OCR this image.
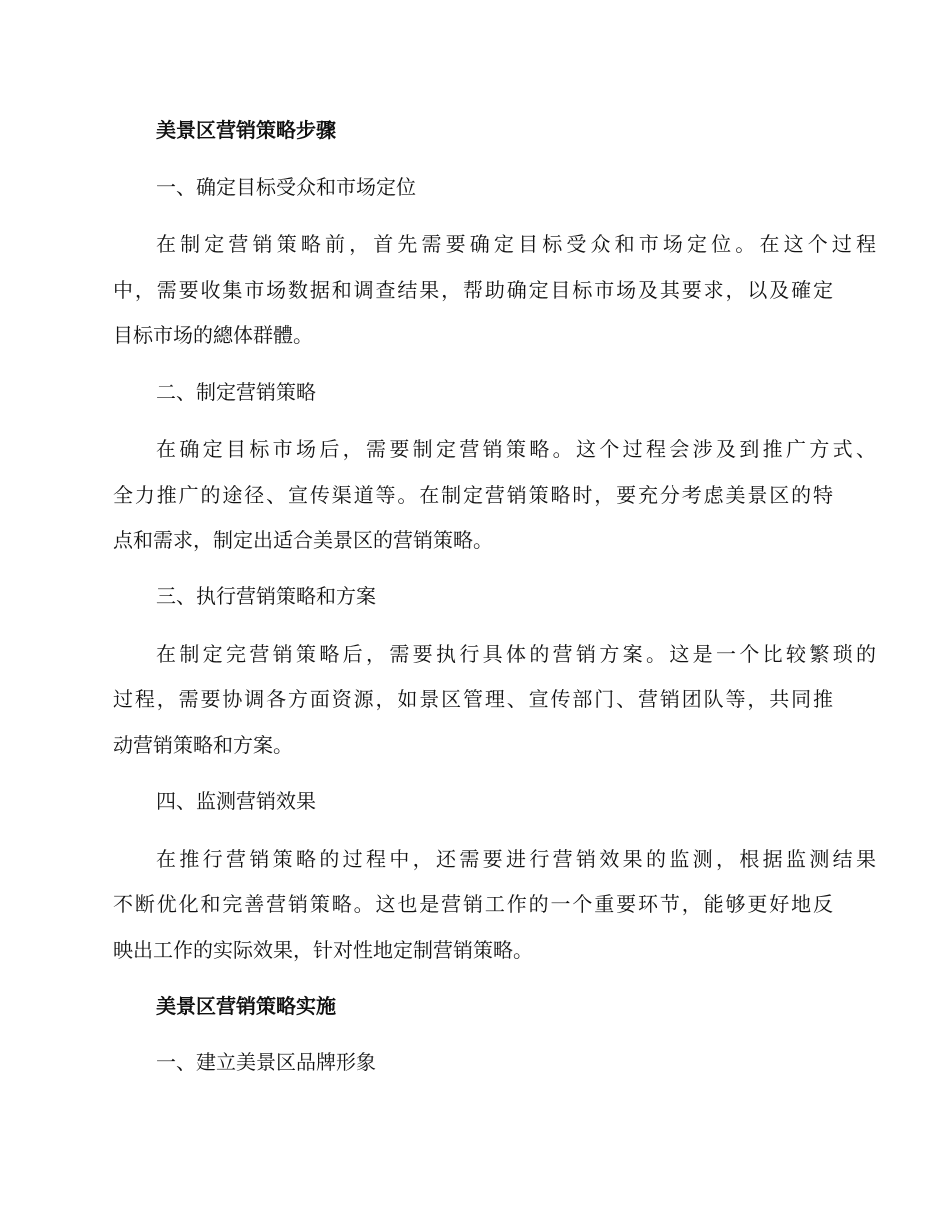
美景区营销策略步骤
一、确定目标受众和市场定位
在制定营销策略前，首先需要确定目标受众和市场定位。在这个过程
中，需要收集市场数据和调查结果，帮助确定目标市场及其要求，以及確定
目标市场的總体群體。
二、制定营销策略
在确定目标市场后，需要制定营销策略。这个过程会涉及到推广方式、
全力推广的途径、宣传渠道等。在制定营销策略时，要充分考虑美景区的特
点和需求，制定出适合美景区的营销策略。
三、执行营销策略和方案
在制定完营销策略后，需要执行具体的营销方案。这是一个比较繁琐的
过程，需要协调各方面资源，如景区管理、宣传部门、营销团队等，共同推
动营销策略和方案。
四、监测营销效果
在推行营销策略的过程中，还需要进行营销效果的监测，根据监测结果
不断优化和完善营销策略。这也是营销工作的一个重要环节，能够更好地反
映出工作的实际效果，针对性地定制营销策略。
美景区营销策略实施
一、建立美景区品牌形象
